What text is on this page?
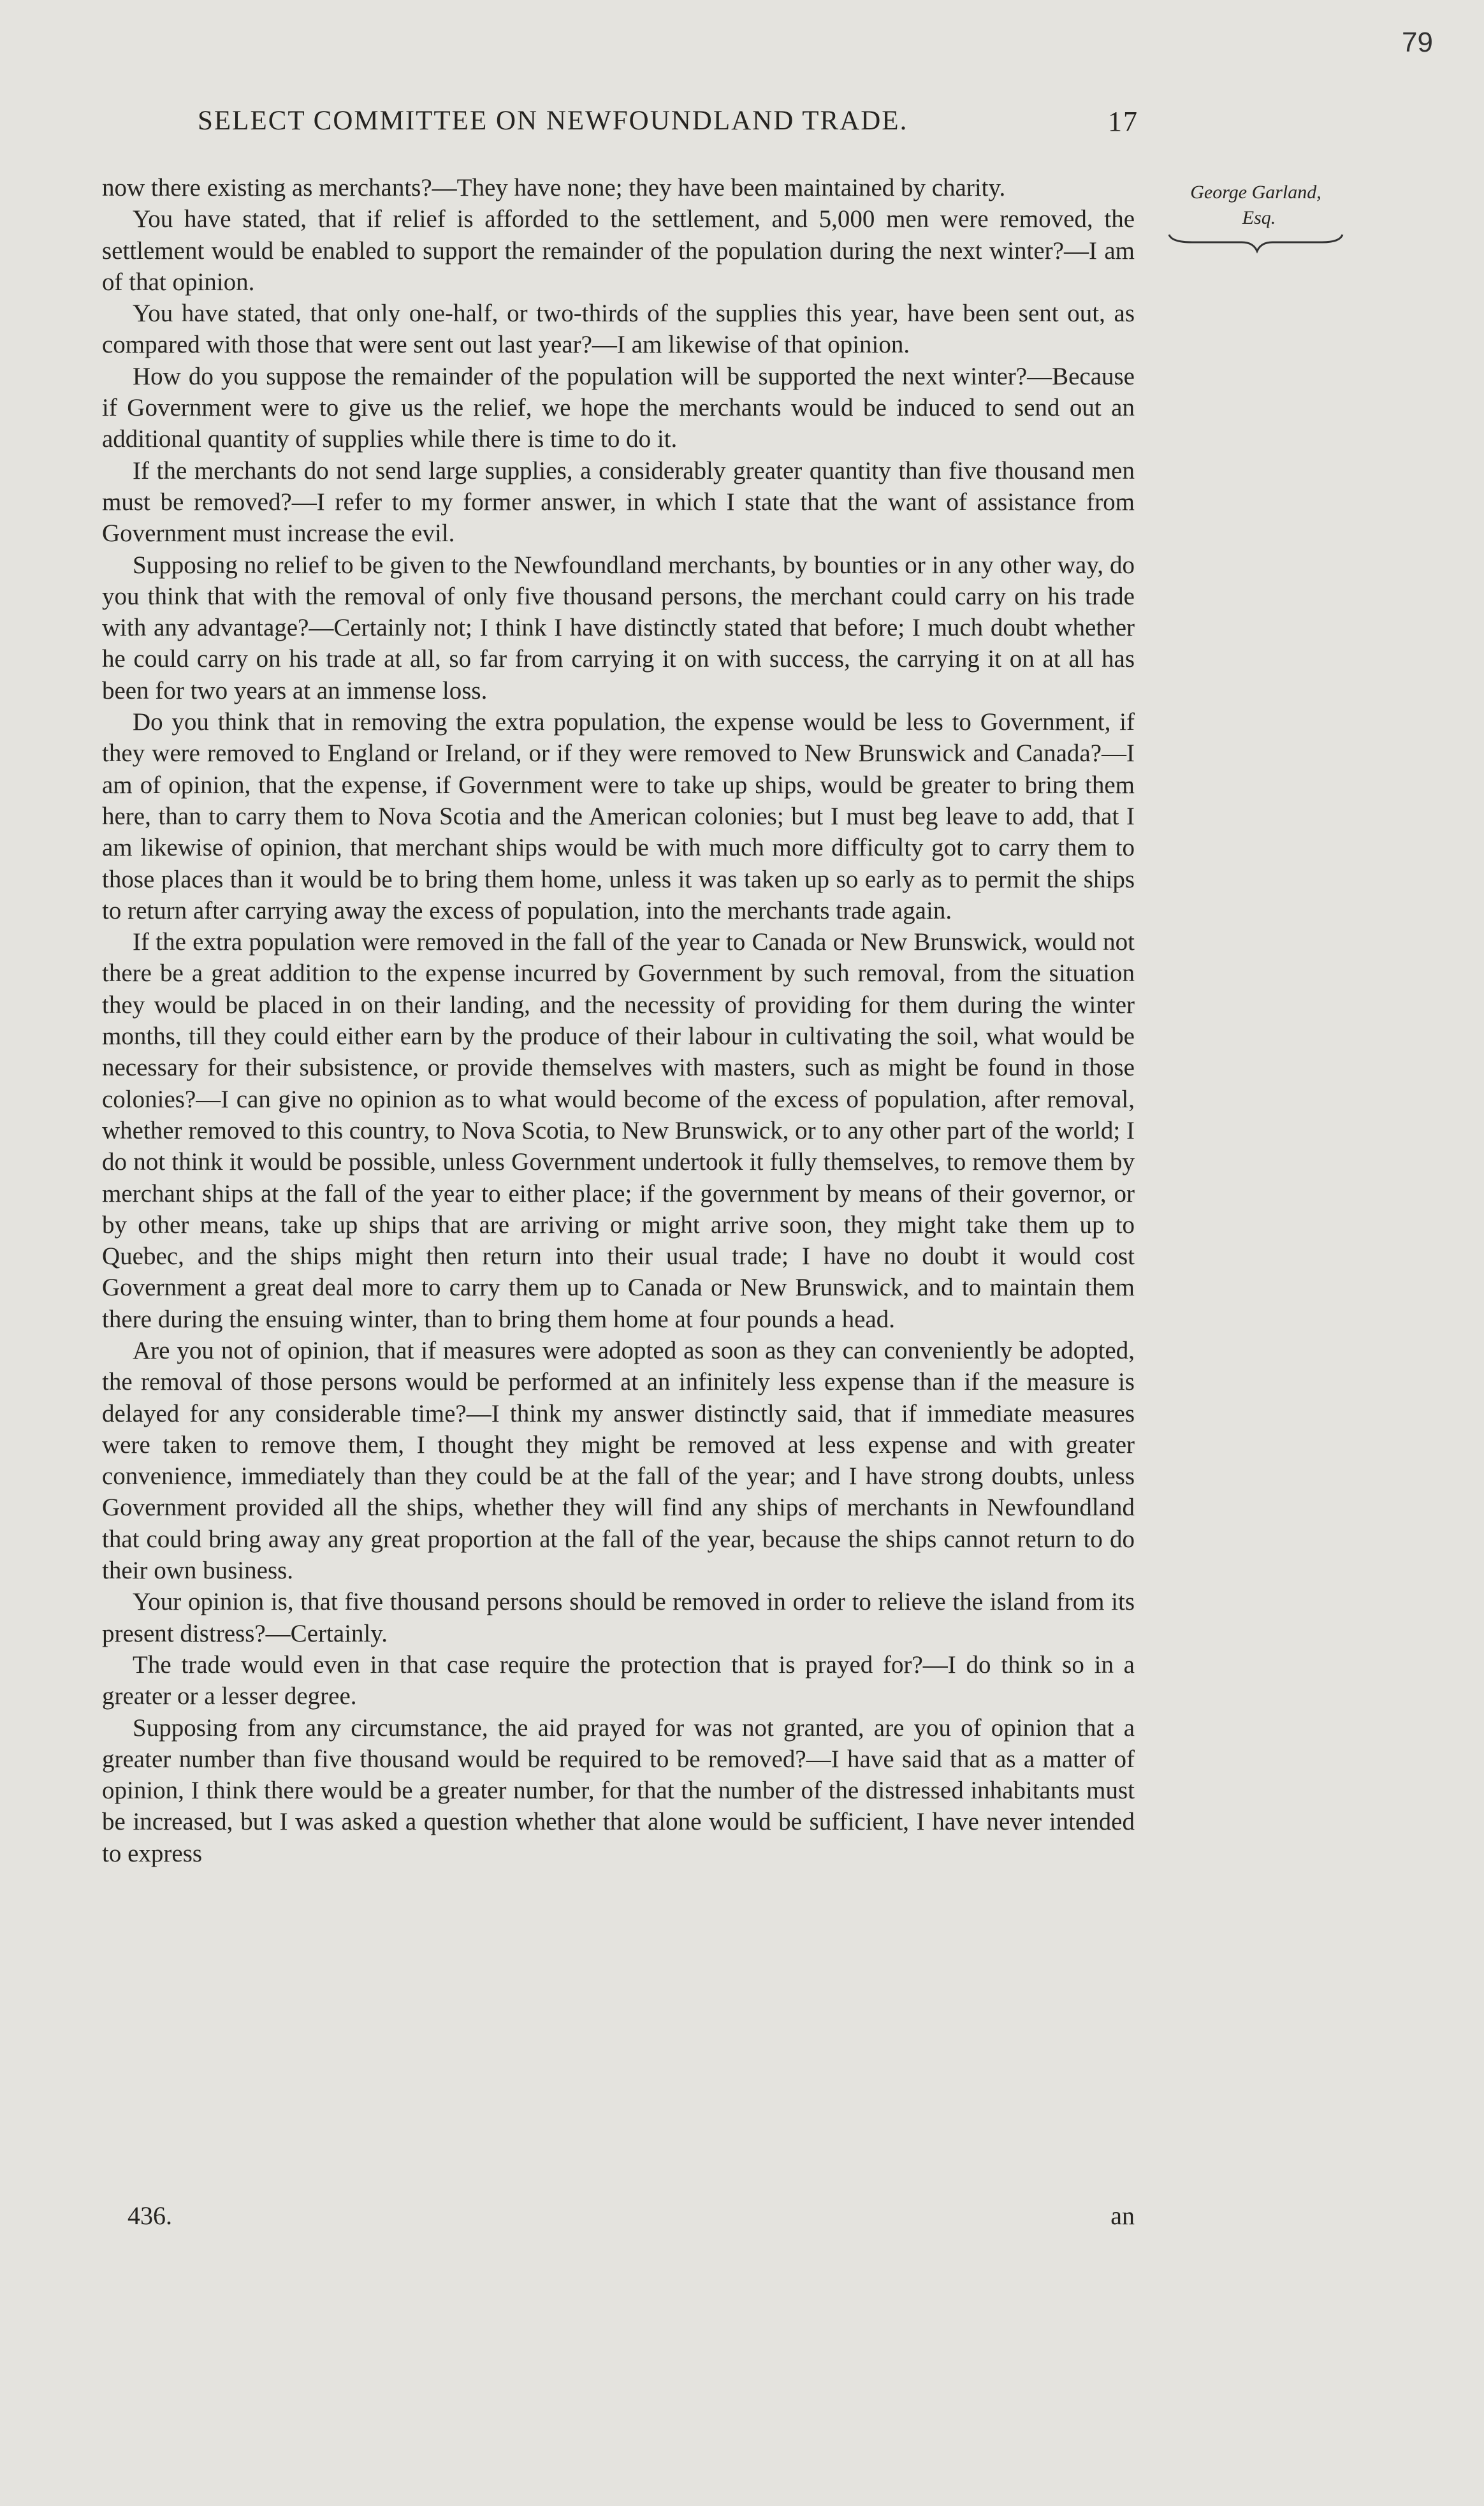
79
SELECT COMMITTEE ON NEWFOUNDLAND TRADE.	17
George Garland,
Esq.

now there existing as merchants?—They have none; they have been maintained by charity.

You have stated, that if relief is afforded to the settlement, and 5,000 men were removed, the settlement would be enabled to support the remainder of the population during the next winter?—I am of that opinion.

You have stated, that only one-half, or two-thirds of the supplies this year, have been sent out, as compared with those that were sent out last year?—I am likewise of that opinion.

How do you suppose the remainder of the population will be supported the next winter?—Because if Government were to give us the relief, we hope the merchants would be induced to send out an additional quantity of supplies while there is time to do it.

If the merchants do not send large supplies, a considerably greater quantity than five thousand men must be removed?—I refer to my former answer, in which I state that the want of assistance from Government must increase the evil.

Supposing no relief to be given to the Newfoundland merchants, by bounties or in any other way, do you think that with the removal of only five thousand persons, the merchant could carry on his trade with any advantage?—Certainly not; I think I have distinctly stated that before; I much doubt whether he could carry on his trade at all, so far from carrying it on with success, the carrying it on at all has been for two years at an immense loss.

Do you think that in removing the extra population, the expense would be less to Government, if they were removed to England or Ireland, or if they were removed to New Brunswick and Canada?—I am of opinion, that the expense, if Government were to take up ships, would be greater to bring them here, than to carry them to Nova Scotia and the American colonies; but I must beg leave to add, that I am likewise of opinion, that merchant ships would be with much more difficulty got to carry them to those places than it would be to bring them home, unless it was taken up so early as to permit the ships to return after carrying away the excess of population, into the merchants trade again.

If the extra population were removed in the fall of the year to Canada or New Brunswick, would not there be a great addition to the expense incurred by Government by such removal, from the situation they would be placed in on their landing, and the necessity of providing for them during the winter months, till they could either earn by the produce of their labour in cultivating the soil, what would be necessary for their subsistence, or provide themselves with masters, such as might be found in those colonies?—I can give no opinion as to what would become of the excess of population, after removal, whether removed to this country, to Nova Scotia, to New Brunswick, or to any other part of the world; I do not think it would be possible, unless Government undertook it fully themselves, to remove them by merchant ships at the fall of the year to either place; if the government by means of their governor, or by other means, take up ships that are arriving or might arrive soon, they might take them up to Quebec, and the ships might then return into their usual trade; I have no doubt it would cost Government a great deal more to carry them up to Canada or New Brunswick, and to maintain them there during the ensuing winter, than to bring them home at four pounds a head.

Are you not of opinion, that if measures were adopted as soon as they can conveniently be adopted, the removal of those persons would be performed at an infinitely less expense than if the measure is delayed for any considerable time?—I think my answer distinctly said, that if immediate measures were taken to remove them, I thought they might be removed at less expense and with greater convenience, immediately than they could be at the fall of the year; and I have strong doubts, unless Government provided all the ships, whether they will find any ships of merchants in Newfoundland that could bring away any great proportion at the fall of the year, because the ships cannot return to do their own business.

Your opinion is, that five thousand persons should be removed in order to relieve the island from its present distress?—Certainly.

The trade would even in that case require the protection that is prayed for?—I do think so in a greater or a lesser degree.

Supposing from any circumstance, the aid prayed for was not granted, are you of opinion that a greater number than five thousand would be required to be removed?—I have said that as a matter of opinion, I think there would be a greater number, for that the number of the distressed inhabitants must be increased, but I was asked a question whether that alone would be sufficient, I have never intended to express

436.	an
